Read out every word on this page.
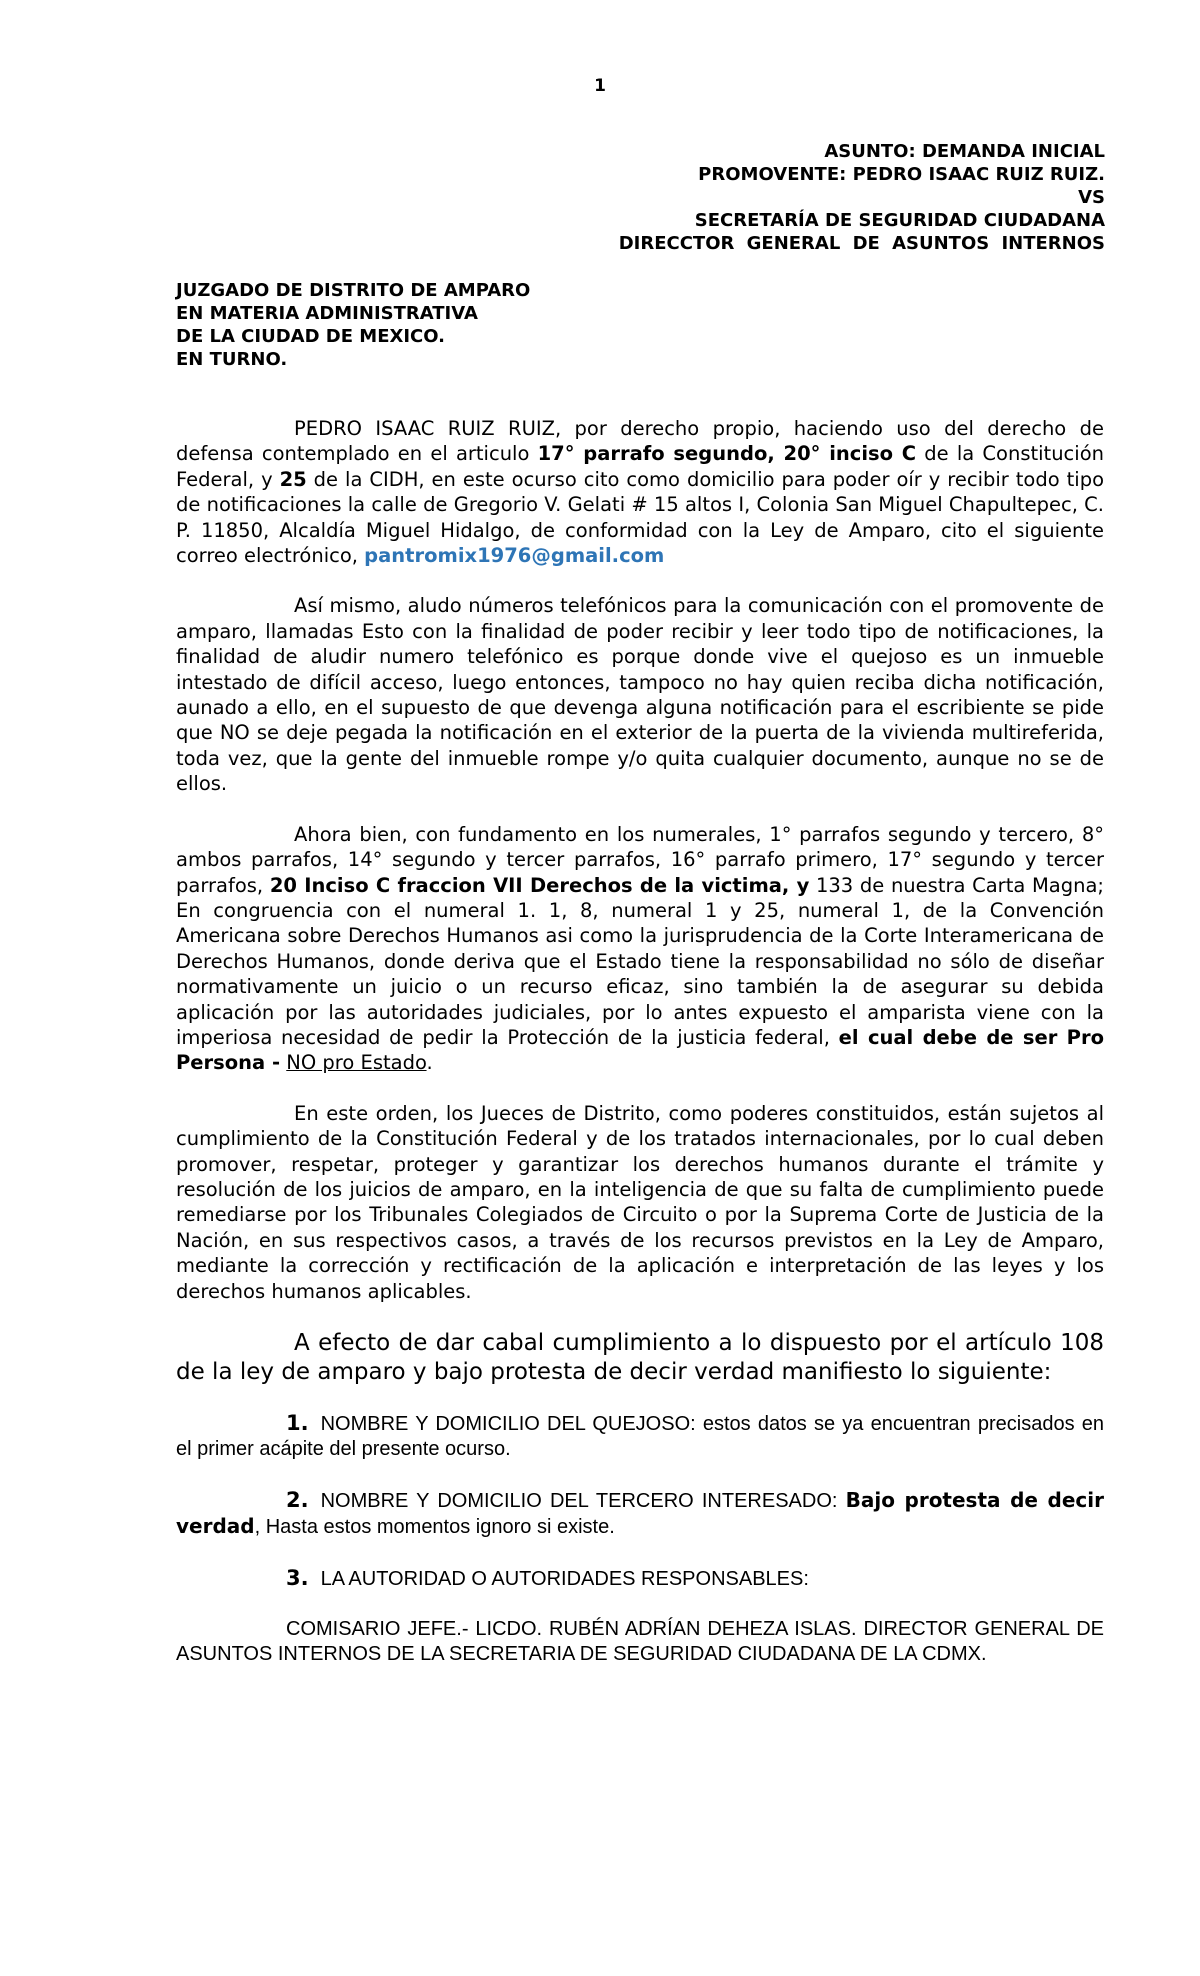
1
ASUNTO: DEMANDA INICIAL
PROMOVENTE: PEDRO ISAAC RUIZ RUIZ.
VS
SECRETARÍA DE SEGURIDAD CIUDADANA
DIRECCTOR GENERAL DE ASUNTOS INTERNOS
JUZGADO DE DISTRITO DE AMPARO
EN MATERIA ADMINISTRATIVA
DE LA CIUDAD DE MEXICO.
EN TURNO.

PEDRO ISAAC RUIZ RUIZ, por derecho propio, haciendo uso del derecho de defensa contemplado en el articulo 17° parrafo segundo, 20° inciso C de la Constitución Federal, y 25 de la CIDH, en este ocurso cito como domicilio para poder oír y recibir todo tipo de notificaciones la calle de Gregorio V. Gelati # 15 altos I, Colonia San Miguel Chapultepec, C. P. 11850, Alcaldía Miguel Hidalgo, de conformidad con la Ley de Amparo, cito el siguiente correo electrónico, pantromix1976@gmail.com

Así mismo, aludo números telefónicos para la comunicación con el promovente de amparo, llamadas Esto con la finalidad de poder recibir y leer todo tipo de notificaciones, la finalidad de aludir numero telefónico es porque donde vive el quejoso es un inmueble intestado de difícil acceso, luego entonces, tampoco no hay quien reciba dicha notificación, aunado a ello, en el supuesto de que devenga alguna notificación para el escribiente se pide que NO se deje pegada la notificación en el exterior de la puerta de la vivienda multireferida, toda vez, que la gente del inmueble rompe y/o quita cualquier documento, aunque no se de ellos.

Ahora bien, con fundamento en los numerales, 1° parrafos segundo y tercero, 8° ambos parrafos, 14° segundo y tercer parrafos, 16° parrafo primero, 17° segundo y tercer parrafos, 20 Inciso C fraccion VII Derechos de la victima, y 133 de nuestra Carta Magna; En congruencia con el numeral 1. 1, 8, numeral 1 y 25, numeral 1, de la Convención Americana sobre Derechos Humanos asi como la jurisprudencia de la Corte Interamericana de Derechos Humanos, donde deriva que el Estado tiene la responsabilidad no sólo de diseñar normativamente un juicio o un recurso eficaz, sino también la de asegurar su debida aplicación por las autoridades judiciales, por lo antes expuesto el amparista viene con la imperiosa necesidad de pedir la Protección de la justicia federal, el cual debe de ser Pro Persona - NO pro Estado.

En este orden, los Jueces de Distrito, como poderes constituidos, están sujetos al cumplimiento de la Constitución Federal y de los tratados internacionales, por lo cual deben promover, respetar, proteger y garantizar los derechos humanos durante el trámite y resolución de los juicios de amparo, en la inteligencia de que su falta de cumplimiento puede remediarse por los Tribunales Colegiados de Circuito o por la Suprema Corte de Justicia de la Nación, en sus respectivos casos, a través de los recursos previstos en la Ley de Amparo, mediante la corrección y rectificación de la aplicación e interpretación de las leyes y los derechos humanos aplicables.

A efecto de dar cabal cumplimiento a lo dispuesto por el artículo 108 de la ley de amparo y bajo protesta de decir verdad manifiesto lo siguiente:

1. NOMBRE Y DOMICILIO DEL QUEJOSO: estos datos se ya encuentran precisados en el primer acápite del presente ocurso.

2. NOMBRE Y DOMICILIO DEL TERCERO INTERESADO: Bajo protesta de decir verdad, Hasta estos momentos ignoro si existe.

3. LA AUTORIDAD O AUTORIDADES RESPONSABLES:

COMISARIO JEFE.- LICDO. RUBÉN ADRÍAN DEHEZA ISLAS. DIRECTOR GENERAL DE ASUNTOS INTERNOS DE LA SECRETARIA DE SEGURIDAD CIUDADANA DE LA CDMX.
